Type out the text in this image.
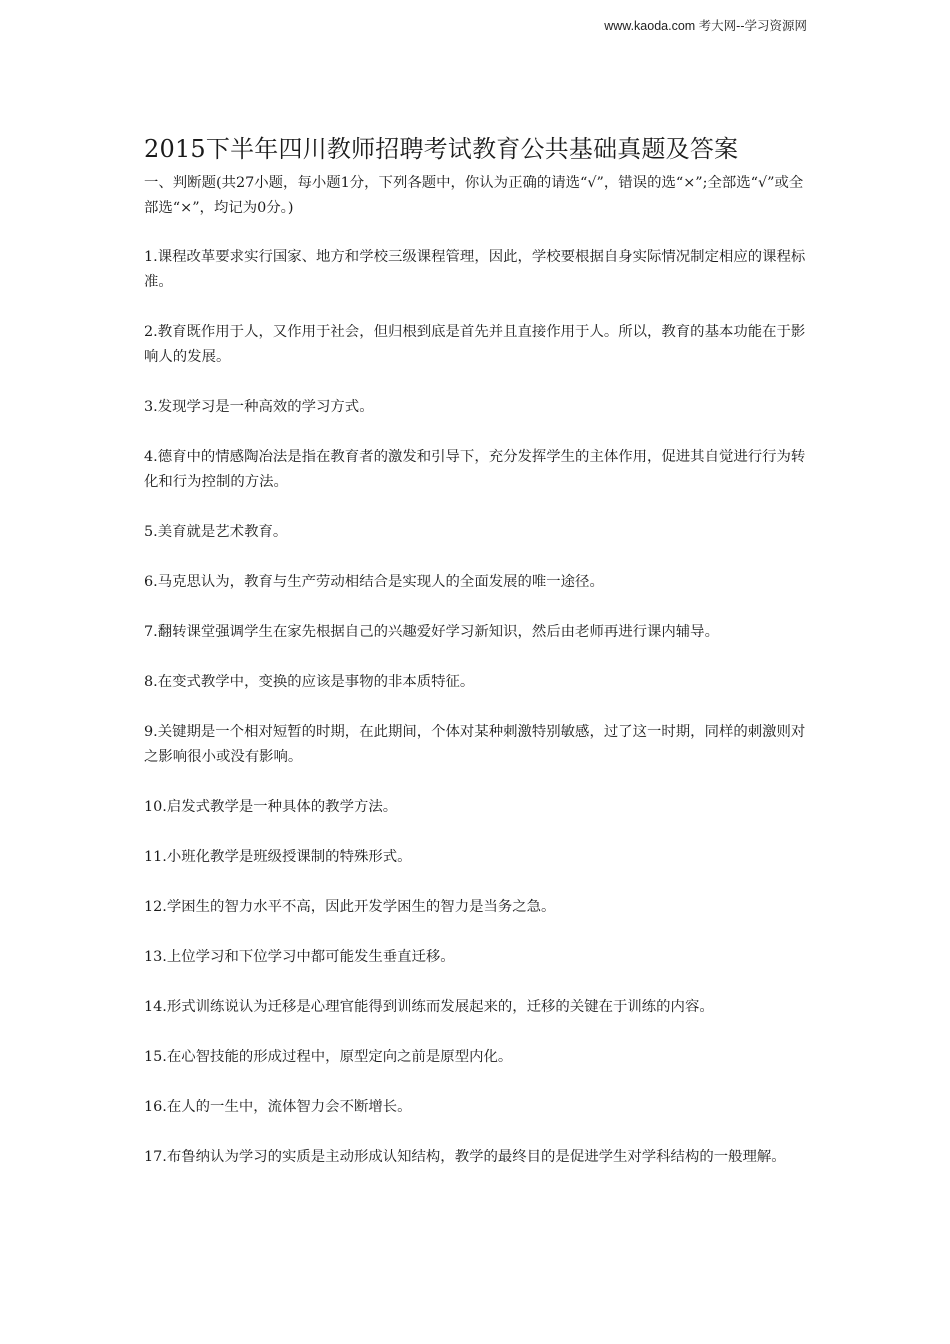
www.kaoda.com 考大网--学习资源网
2015下半年四川教师招聘考试教育公共基础真题及答案

一、判断题(共27小题，每小题1分，下列各题中，你认为正确的请选“√”，错误的选“×”;全部选“√”或全部选“×”，均记为0分。)

1.课程改革要求实行国家、地方和学校三级课程管理，因此，学校要根据自身实际情况制定相应的课程标准。
2.教育既作用于人，又作用于社会，但归根到底是首先并且直接作用于人。所以，教育的基本功能在于影响人的发展。
3.发现学习是一种高效的学习方式。
4.德育中的情感陶冶法是指在教育者的激发和引导下，充分发挥学生的主体作用，促进其自觉进行行为转化和行为控制的方法。
5.美育就是艺术教育。
6.马克思认为，教育与生产劳动相结合是实现人的全面发展的唯一途径。
7.翻转课堂强调学生在家先根据自己的兴趣爱好学习新知识，然后由老师再进行课内辅导。
8.在变式教学中，变换的应该是事物的非本质特征。
9.关键期是一个相对短暂的时期，在此期间，个体对某种刺激特别敏感，过了这一时期，同样的刺激则对之影响很小或没有影响。
10.启发式教学是一种具体的教学方法。
11.小班化教学是班级授课制的特殊形式。
12.学困生的智力水平不高，因此开发学困生的智力是当务之急。
13.上位学习和下位学习中都可能发生垂直迁移。
14.形式训练说认为迁移是心理官能得到训练而发展起来的，迁移的关键在于训练的内容。
15.在心智技能的形成过程中，原型定向之前是原型内化。
16.在人的一生中，流体智力会不断增长。
17.布鲁纳认为学习的实质是主动形成认知结构，教学的最终目的是促进学生对学科结构的一般理解。
